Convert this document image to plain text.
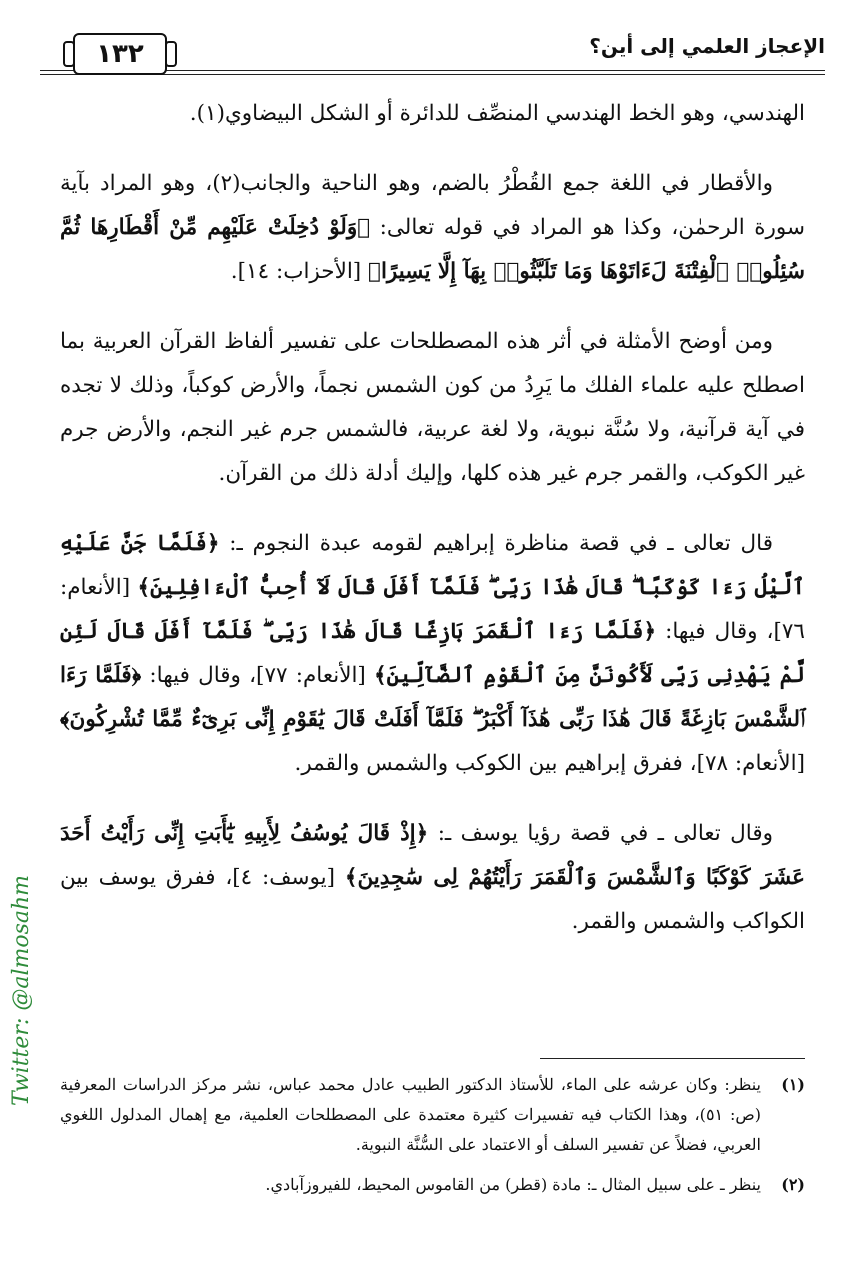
الإعجاز العلمي إلى أين؟
١٣٢

الهندسي، وهو الخط الهندسي المنصِّف للدائرة أو الشكل البيضاوي(١).

والأقطار في اللغة جمع القُطْرُ بالضم، وهو الناحية والجانب(٢)، وهو المراد بآية سورة الرحمٰن، وكذا هو المراد في قوله تعالى: ﴿وَلَوْ دُخِلَتْ عَلَيْهِم مِّنْ أَقْطَارِهَا ثُمَّ سُئِلُوا۟ ٱلْفِتْنَةَ لَءَاتَوْهَا وَمَا تَلَبَّثُوا۟ بِهَآ إِلَّا يَسِيرًا﴾ [الأحزاب: ١٤].

ومن أوضح الأمثلة في أثر هذه المصطلحات على تفسير ألفاظ القرآن العربية بما اصطلح عليه علماء الفلك ما يَرِدُ من كون الشمس نجماً، والأرض كوكباً، وذلك لا تجده في آية قرآنية، ولا سُنَّة نبوية، ولا لغة عربية، فالشمس جرم غير النجم، والأرض جرم غير الكوكب، والقمر جرم غير هذه كلها، وإليك أدلة ذلك من القرآن.

قال تعالى ـ في قصة مناظرة إبراهيم لقومه عبدة النجوم ـ: ﴿فَلَمَّا جَنَّ عَلَيْهِ ٱلَّيْلُ رَءَا كَوْكَبًا ۖ قَالَ هَٰذَا رَبِّى ۖ فَلَمَّآ أَفَلَ قَالَ لَآ أُحِبُّ ٱلْءَافِلِينَ﴾ [الأنعام: ٧٦]، وقال فيها: ﴿فَلَمَّا رَءَا ٱلْقَمَرَ بَازِغًا قَالَ هَٰذَا رَبِّى ۖ فَلَمَّآ أَفَلَ قَالَ لَئِن لَّمْ يَهْدِنِى رَبِّى لَأَكُونَنَّ مِنَ ٱلْقَوْمِ ٱلضَّآلِّينَ﴾ [الأنعام: ٧٧]، وقال فيها: ﴿فَلَمَّا رَءَا ٱلشَّمْسَ بَازِغَةً قَالَ هَٰذَا رَبِّى هَٰذَآ أَكْبَرُ ۖ فَلَمَّآ أَفَلَتْ قَالَ يَٰقَوْمِ إِنِّى بَرِىٓءٌ مِّمَّا تُشْرِكُونَ﴾ [الأنعام: ٧٨]، ففرق إبراهيم بين الكوكب والشمس والقمر.

وقال تعالى ـ في قصة رؤيا يوسف ـ: ﴿إِذْ قَالَ يُوسُفُ لِأَبِيهِ يَٰٓأَبَتِ إِنِّى رَأَيْتُ أَحَدَ عَشَرَ كَوْكَبًا وَٱلشَّمْسَ وَٱلْقَمَرَ رَأَيْتُهُمْ لِى سَٰجِدِينَ﴾ [يوسف: ٤]، ففرق يوسف بين الكواكب والشمس والقمر.

(١)
ينظر: وكان عرشه على الماء، للأستاذ الدكتور الطبيب عادل محمد عباس، نشر مركز الدراسات المعرفية (ص: ٥١)، وهذا الكتاب فيه تفسيرات كثيرة معتمدة على المصطلحات العلمية، مع إهمال المدلول اللغوي العربي، فضلاً عن تفسير السلف أو الاعتماد على السُّنَّة النبوية.
(٢)
ينظر ـ على سبيل المثال ـ: مادة (قطر) من القاموس المحيط، للفيروزآبادي.
Twitter: @almosahm
